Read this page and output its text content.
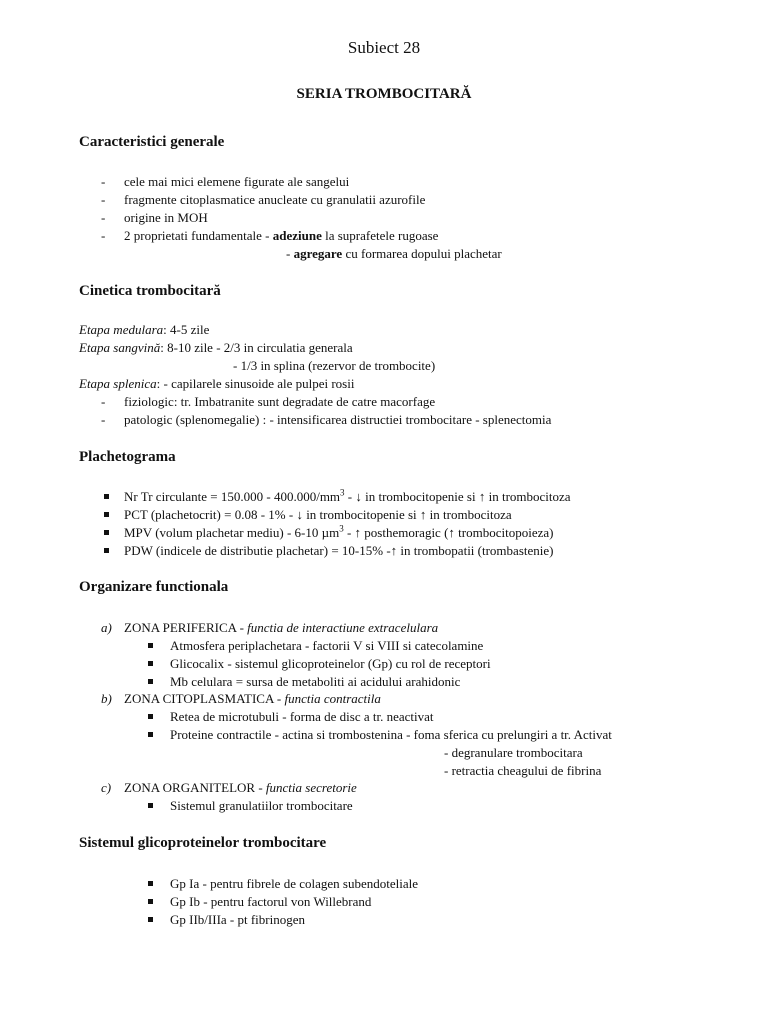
Subiect 28
SERIA TROMBOCITARĂ
Caracteristici generale
- cele mai mici elemene figurate ale sangelui
- fragmente citoplasmatice anucleate cu granulatii azurofile
- origine in MOH
- 2 proprietati fundamentale - adeziune la suprafetele rugoase
- agregare cu formarea dopului plachetar
Cinetica trombocitară
Etapa medulara: 4-5 zile
Etapa sangvină: 8-10 zile - 2/3 in circulatia generala
- 1/3 in splina (rezervor de trombocite)
Etapa splenica: - capilarele sinusoide ale pulpei rosii
- fiziologic: tr. Imbatranite sunt degradate de catre macorfage
- patologic (splenomegalie) : - intensificarea distructiei trombocitare - splenectomia
Plachetograma
Nr Tr circulante = $150.000 - 400.000/mm^3$ - ↓ in trombocitopenie si ↑ in trombocitoza
PCT (plachetocrit) = 0.08 - 1% - ↓ in trombocitopenie si ↑ in trombocitoza
MPV (volum plachetar mediu) - 6-10 µm$^3$ - ↑ posthemoragic (↑ trombocitopoieza)
PDW (indicele de distributie plachetar) = 10-15% -↑ in trombopatii (trombastenie)
Organizare functionala
a) ZONA PERIFERICA - functia de interactiune extracelulara
Atmosfera periplachetara - factorii V si VIII si catecolamine
Glicocalix - sistemul glicoproteinelor (Gp) cu rol de receptori
Mb celulara = sursa de metaboliti ai acidului arahidonic
b) ZONA CITOPLASMATICA - functia contractila
Retea de microtubuli - forma de disc a tr. neactivat
Proteine contractile - actina si trombostenina - foma sferica cu prelungiri a tr. Activat
- degranulare trombocitara
- retractia cheagului de fibrina
c) ZONA ORGANITELOR - functia secretorie
Sistemul granulatiilor trombocitare
Sistemul glicoproteinelor trombocitare
Gp Ia - pentru fibrele de colagen subendoteliale
Gp Ib - pentru factorul von Willebrand
Gp IIb/IIIa - pt fibrinogen
